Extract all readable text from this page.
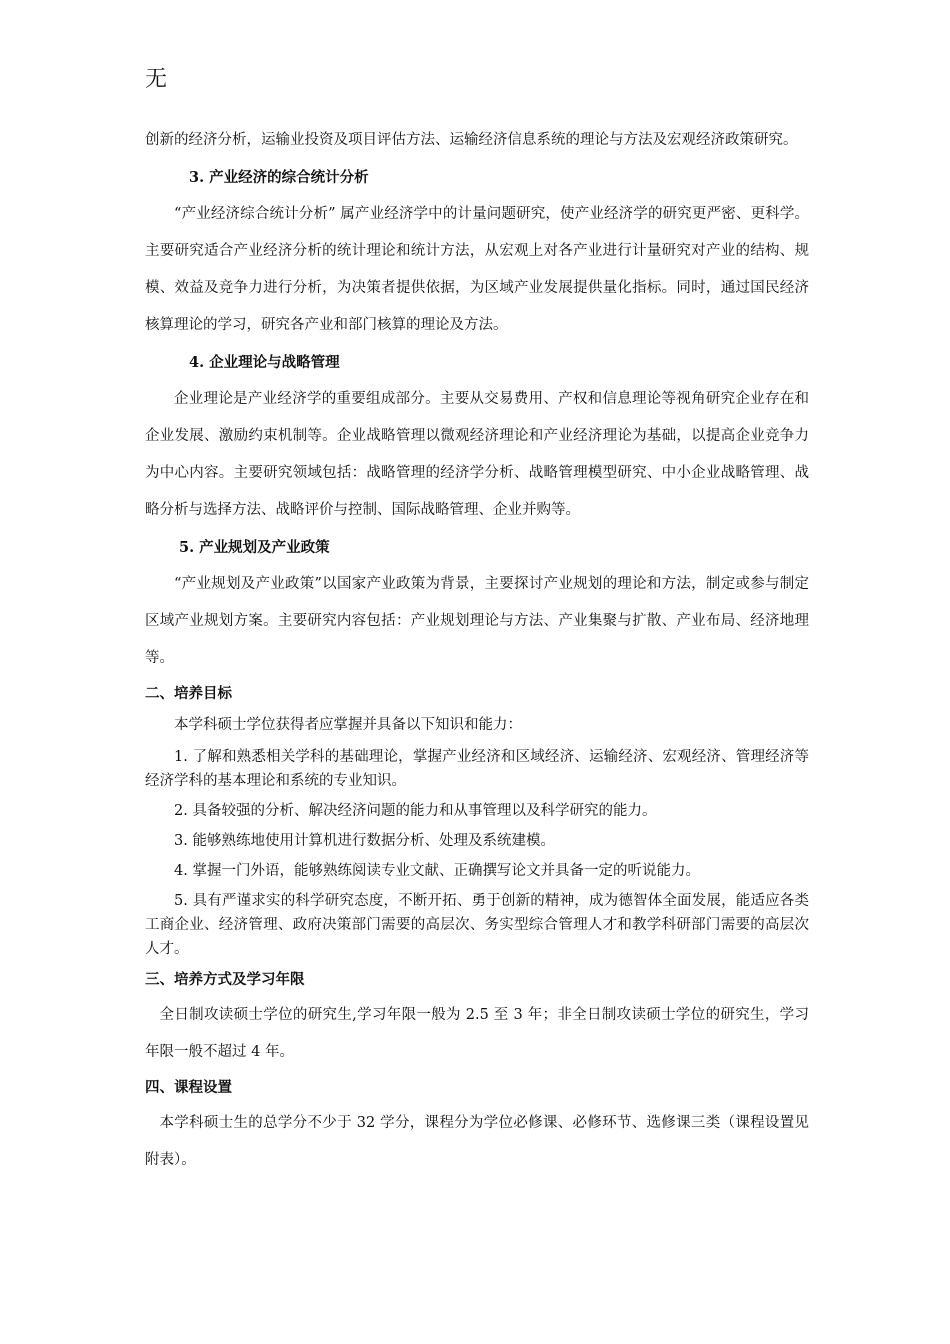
无

创新的经济分析，运输业投资及项目评估方法、运输经济信息系统的理论与方法及宏观经济政策研究。

3. 产业经济的综合统计分析

“产业经济综合统计分析” 属产业经济学中的计量问题研究，使产业经济学的研究更严密、更科学。主要研究适合产业经济分析的统计理论和统计方法，从宏观上对各产业进行计量研究对产业的结构、规模、效益及竞争力进行分析，为决策者提供依据，为区域产业发展提供量化指标。同时，通过国民经济核算理论的学习，研究各产业和部门核算的理论及方法。

4. 企业理论与战略管理

企业理论是产业经济学的重要组成部分。主要从交易费用、产权和信息理论等视角研究企业存在和企业发展、激励约束机制等。企业战略管理以微观经济理论和产业经济理论为基础，以提高企业竞争力为中心内容。主要研究领域包括：战略管理的经济学分析、战略管理模型研究、中小企业战略管理、战略分析与选择方法、战略评价与控制、国际战略管理、企业并购等。

5. 产业规划及产业政策

“产业规划及产业政策”以国家产业政策为背景，主要探讨产业规划的理论和方法，制定或参与制定区域产业规划方案。主要研究内容包括：产业规划理论与方法、产业集聚与扩散、产业布局、经济地理等。

二、培养目标

本学科硕士学位获得者应掌握并具备以下知识和能力：

1. 了解和熟悉相关学科的基础理论，掌握产业经济和区域经济、运输经济、宏观经济、管理经济等经济学科的基本理论和系统的专业知识。

2. 具备较强的分析、解决经济问题的能力和从事管理以及科学研究的能力。

3. 能够熟练地使用计算机进行数据分析、处理及系统建模。

4. 掌握一门外语，能够熟练阅读专业文献、正确撰写论文并具备一定的听说能力。

5. 具有严谨求实的科学研究态度，不断开拓、勇于创新的精神，成为德智体全面发展，能适应各类工商企业、经济管理、政府决策部门需要的高层次、务实型综合管理人才和教学科研部门需要的高层次人才。

三、培养方式及学习年限

全日制攻读硕士学位的研究生,学习年限一般为 2.5 至 3 年；非全日制攻读硕士学位的研究生，学习年限一般不超过 4 年。

四、课程设置

本学科硕士生的总学分不少于 32 学分，课程分为学位必修课、必修环节、选修课三类（课程设置见附表）。
